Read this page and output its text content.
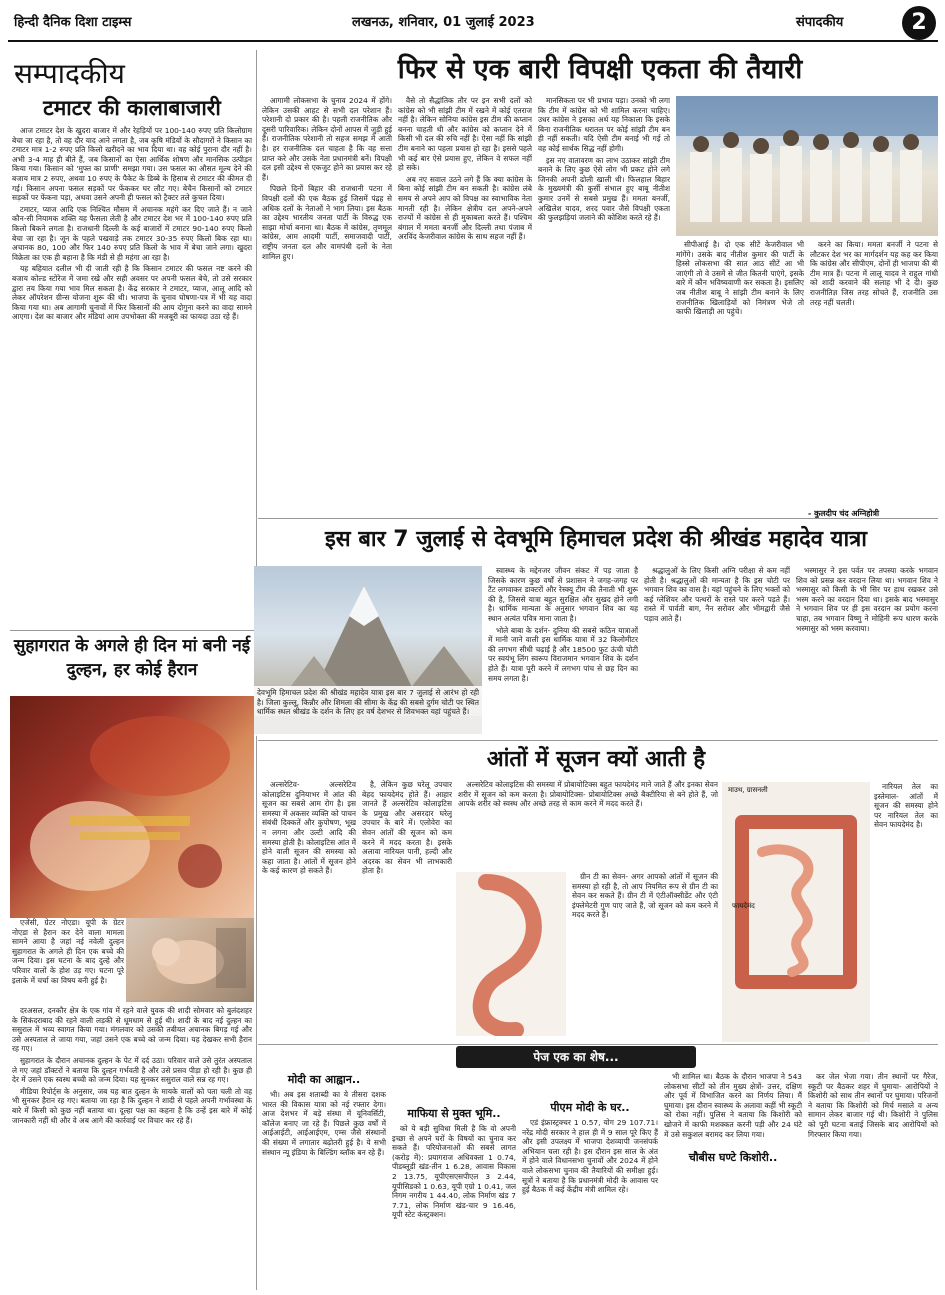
हिन्दी दैनिक दिशा टाइम्स	लखनऊ, शनिवार, 01 जुलाई 2023	संपादकीय	2
सम्पादकीय
टमाटर की कालाबाजारी

आज टमाटर देश के खुदरा बाजार में और रेहड़ियों पर 100-140 रुपए प्रति किलोग्राम बेचा जा रहा है, तो वह दौर याद आने लगता है, जब कृषि मंडियों के सौदागरों ने किसान का टमाटर मात्र 1-2 रुपए प्रति किलो खरीदने का भाव दिया था। वह कोई पुराना दौर नहीं है। अभी 3-4 माह ही बीते हैं, जब किसानों का ऐसा आर्थिक शोषण और मानसिक उत्पीड़न किया गया। किसान को 'मुफ्त का प्राणी' समझा गया। उस फसल का औसत मूल्य देने की बजाय मात्र 2 रुपए, अथवा 10 रुपए के पैकेट के डिब्बे के हिसाब से टमाटर की कीमत दी गई। किसान अपना फसल सड़कों पर फेंककर घर लौट गए। बेचैन किसानों को टमाटर सड़कों पर फेंकना पड़ा, अथवा उसने अपनी ही फसल को ट्रैक्टर तले कुचल दिया।

टमाटर, प्याज आदि एक निश्चित मौसम में अचानक महंगे कर दिए जाते हैं। न जाने कौन-सी नियामक शक्ति यह फैसला लेती है और टमाटर देश भर में 100-140 रुपए प्रति किलो बिकने लगता है। राजधानी दिल्ली के कई बाजारों में टमाटर 90-140 रुपए किलो बेचा जा रहा है। जून के पहले पखवाड़े तक टमाटर 30-35 रुपए किलो बिक रहा था। अचानक 80, 100 और फिर 140 रुपए प्रति किलो के भाव में बेचा जाने लगा। खुदरा विक्रेता का एक ही बहाना है कि मंडी से ही महंगा आ रहा है।

यह बहियात दलील भी दी जाती रही है कि किसान टमाटर की फसल नष्ट करने की बजाय कोल्ड स्टोरेज में जमा रखे और सही अवसर पर अपनी फसल बेचे, तो उसे सरकार द्वारा तय किया गया भाव मिल सकता है। केंद्र सरकार ने टमाटर, प्याज, आलू आदि को लेकर ऑपरेशन ग्रीन्स योजना शुरू की थी। भाजपा के चुनाव घोषणा-पत्र में भी यह वादा किया गया था। अब आगामी चुनावों में फिर किसानों की आय दोगुना करने का वादा सामने आएगा। देश का बाजार और मंडियां आम उपभोक्ता की मजबूरी का फायदा उठा रहे हैं।

सुहागरात के अगले ही दिन मां बनी नई दुल्हन, हर कोई हैरान

एजेंसी, ग्रेटर नोएडा। यूपी के ग्रेटर नोएडा से हैरान कर देने वाला मामला सामने आया है जहां नई नवेली दुल्हन सुहागरात के अगले ही दिन एक बच्चे की जन्म दिया। इस घटना के बाद दुल्हे और परिवार वालों के होश उड़ गए। घटना पूरे इलाके में चर्चा का विषय बनी हुई है।

दरअसल, दनकौर क्षेत्र के एक गांव में रहने वाले युवक की शादी सोमवार को बुलंदशहर के सिकंदराबाद की रहने वाली लड़की से धूमधाम से हुई थी। शादी के बाद नई दुल्हन का ससुराल में भव्य स्वागत किया गया। मंगलवार को उसकी तबीयत अचानक बिगड़ गई और उसे अस्पताल ले जाया गया, जहां उसने एक बच्चे को जन्म दिया। यह देखकर सभी हैरान रह गए।

सुहागरात के दौरान अचानक दुल्हन के पेट में दर्द उठा। परिवार वाले उसे तुरंत अस्पताल ले गए जहां डॉक्टरों ने बताया कि दुल्हन गर्भवती है और उसे प्रसव पीड़ा हो रही है। कुछ ही देर में उसने एक स्वस्थ बच्ची को जन्म दिया। यह सुनकर ससुराल वाले सन्न रह गए।

मीडिया रिपोर्ट्स के अनुसार, जब यह बात दुल्हन के मायके वालों को पता चली तो वह भी सुनकर हैरान रह गए। बताया जा रहा है कि दुल्हन ने शादी से पहले अपनी गर्भावस्था के बारे में किसी को कुछ नहीं बताया था। दूल्हा पक्ष का कहना है कि उन्हें इस बारे में कोई जानकारी नहीं थी और वे अब आगे की कार्रवाई पर विचार कर रहे हैं।

फिर से एक बारी विपक्षी एकता की तैयारी

आगामी लोकसभा के चुनाव 2024 में होंगे। लेकिन उसकी आहट से सभी दल परेशान हैं। परेशानी दो प्रकार की है। पहली राजनीतिक और दूसरी पारिवारिक। लेकिन दोनों आपस में जुड़ी हुई हैं। राजनीतिक परेशानी तो सहज समझ में आती है। हर राजनीतिक दल चाहता है कि वह सत्ता प्राप्त करे और उसके नेता प्रधानमंत्री बनें। विपक्षी दल इसी उद्देश्य से एकजुट होने का प्रयास कर रहे हैं।

पिछले दिनों बिहार की राजधानी पटना में विपक्षी दलों की एक बैठक हुई जिसमें पंद्रह से अधिक दलों के नेताओं ने भाग लिया। इस बैठक का उद्देश्य भारतीय जनता पार्टी के विरुद्ध एक साझा मोर्चा बनाना था। बैठक में कांग्रेस, तृणमूल कांग्रेस, आम आदमी पार्टी, समाजवादी पार्टी, राष्ट्रीय जनता दल और वामपंथी दलों के नेता शामिल हुए।

वैसे तो सैद्धांतिक तौर पर इन सभी दलों को कांग्रेस को भी सांझी टीम में रखने में कोई एतराज नहीं है। लेकिन सोनिया कांग्रेस इस टीम की कप्तान बनना चाहती थी और कांग्रेस को कप्तान देने में किसी भी दल की रुचि नहीं है। ऐसा नहीं कि सांझी टीम बनाने का पहला प्रयास हो रहा है। इससे पहले भी कई बार ऐसे प्रयास हुए, लेकिन वे सफल नहीं हो सके।

अब नए सवाल उठने लगे हैं कि क्या कांग्रेस के बिना कोई सांझी टीम बन सकती है। कांग्रेस लंबे समय से अपने आप को विपक्ष का स्वाभाविक नेता मानती रही है। लेकिन क्षेत्रीय दल अपने-अपने राज्यों में कांग्रेस से ही मुकाबला करते हैं। पश्चिम बंगाल में ममता बनर्जी और दिल्ली तथा पंजाब में अरविंद केजरीवाल कांग्रेस के साथ सहज नहीं हैं।

मानसिकता पर भी प्रभाव पड़ा। उनको भी लगा कि टीम में कांग्रेस को भी शामिल करना चाहिए। उधर कांग्रेस ने इसका अर्थ यह निकाला कि इसके बिना राजनीतिक धरातल पर कोई सांझी टीम बन ही नहीं सकती। यदि ऐसी टीम बनाई भी गई तो वह कोई सार्थक सिद्ध नहीं होगी।

इस नए वातावरण का लाभ उठाकर सांझी टीम बनाने के लिए कुछ ऐसे लोग भी प्रकट होने लगे जिनकी अपनी ढोली खाली थी। फिलहाल बिहार के मुख्यमंत्री की कुर्सी संभाल हुए बाबू नीतीश कुमार उनमें से सबसे प्रमुख हैं। ममता बनर्जी, अखिलेश यादव, शरद पवार जैसे विपक्षी एकता की फुलझड़ियां जलाने की कोशिश करते रहे हैं।

सीपीआई है। दो एक सीटें केजरीवाल भी मांगेंगे। उसके बाद नीतीश कुमार की पार्टी के हिस्से लोकसभा की सात आठ सीटें आ भी जाएंगी तो वे उसमें से जीत कितनी पाएंगे, इसके बारे में कौन भविष्यवाणी कर सकता है। इसलिए जब नीतीश बाबू ने सांझी टीम बनाने के लिए राजनीतिक खिलाड़ियों को निमंत्रण भेजे तो काफी खिलाड़ी आ पहुंचे।

करने का किया। ममता बनर्जी ने पटना से लौटकर देश भर का मार्गदर्शन यह कह कर किया कि कांग्रेस और सीपीएम, दोनों ही भाजपा की बी टीम मात्र हैं। पटना में लालू यादव ने राहुल गांधी को शादी करवाने की सलाह भी दे दी। कुछ राजनीतिज्ञ जिस तरह सोचते हैं, राजनीति उस तरह नहीं चलती।

- कुलदीप चंद अग्निहोत्री
इस बार 7 जुलाई से देवभूमि हिमाचल प्रदेश की श्रीखंड महादेव यात्रा

स्वास्थ्य के मद्देनजर जीवन संकट में पड़ जाता है जिसके कारण कुछ वर्षों से प्रशासन ने जगह-जगह पर टैंट लगवाकर डाक्टरों और रेस्क्यू टीम की तैनाती भी शुरू की है, जिससे यात्रा बहुत सुरक्षित और सुखद होने लगी है। धार्मिक मान्यता के अनुसार भगवान शिव का यह स्थान अत्यंत पवित्र माना जाता है।

भोले बाबा के दर्शन- दुनिया की सबसे कठिन यात्राओं में मानी जाने वाली इस धार्मिक यात्रा में 32 किलोमीटर की लगभग सीधी चढ़ाई है और 18500 फुट ऊंची चोटी पर स्वयंभू लिंग स्वरूप विराजमान भगवान शिव के दर्शन होते हैं। यात्रा पूरी करने में लगभग पांच से छह दिन का समय लगता है।

श्रद्धालुओं के लिए किसी अग्नि परीक्षा से कम नहीं होती है। श्रद्धालुओं की मान्यता है कि इस चोटी पर भगवान शिव का वास है। यहां पहुंचने के लिए भक्तों को कई ग्लेशियर और पत्थरों के रास्ते पार करने पड़ते हैं। रास्ते में पार्वती बाग, नैन सरोवर और भीमद्वारी जैसे पड़ाव आते हैं।

भस्मासुर ने इस पर्वत पर तपस्या करके भगवान शिव को प्रसन्न कर वरदान लिया था। भगवान शिव ने भस्मासुर को किसी के भी सिर पर हाथ रखकर उसे भस्म करने का वरदान दिया था। इसके बाद भस्मासुर ने भगवान शिव पर ही इस वरदान का प्रयोग करना चाहा, तब भगवान विष्णु ने मोहिनी रूप धारण करके भस्मासुर को भस्म करवाया।

आंतों में सूजन क्यों आती है

अल्सरेटिव- अल्सरेटिव कोलाइटिस दुनियाभर में आंत की सूजन का सबसे आम रोग है। इस समस्या में अकसर व्यक्ति को पाचन संबंधी दिक्कतें और कुपोषण, भूख न लगना और उल्टी आदि की समस्या होती है। कोलाइटिस आंत में होने वाली सूजन की समस्या को कहा जाता है। आंतों में सूजन होने के कई कारण हो सकते हैं।

है, लेकिन कुछ घरेलू उपचार बेहद फायदेमंद होते हैं। आहार जानते हैं अल्सरेटिव कोलाइटिस के प्रमुख और असरदार घरेलू उपचार के बारे में। एलोवेरा का सेवन आंतों की सूजन को कम करने में मदद करता है। इसके अलावा नारियल पानी, हल्दी और अदरक का सेवन भी लाभकारी होता है।

अल्सरेटिव कोलाइटिस की समस्या में प्रोबायोटिक्स बहुत फायदेमंद माने जाते हैं और इनका सेवन शरीर में सूजन को कम करता है। प्रोबायोटिक्स- प्रोबायोटिक्स अच्छे बैक्टीरिया से बने होते हैं, जो आपके शरीर को स्वस्थ और अच्छे तरह से काम करने में मदद करते हैं।

ग्रीन टी का सेवन- अगर आपको आंतों में सूजन की समस्या हो रही है, तो आप नियमित रूप से ग्रीन टी का सेवन कर सकते हैं। ग्रीन टी में एंटीऑक्सीडेंट और एंटी इंफ्लेमेटरी गुण पाए जाते हैं, जो सूजन को कम करने में मदद करते हैं।

माउथ, ग्रासनली
फायदेमंद

नारियल तेल का इस्तेमाल- आंतों में सूजन की समस्या होने पर नारियल तेल का सेवन फायदेमंद है।

पेज एक का शेष...
मोदी का आह्वान..

भी। अब इस शताब्दी का ये तीसरा दशक भारत की विकास यात्रा को नई रफ्तार देगा। आज देशभर में बड़े संस्था में यूनिवर्सिटी, कॉलेज बनाए जा रहे हैं। पिछले कुछ वर्षों में आईआईटी, आईआईएम, एम्स जैसे संस्थानों की संख्या में लगातार बढ़ोतरी हुई है। ये सभी संस्थान न्यू इंडिया के बिल्डिंग ब्लॉक बन रहे हैं।

माफिया से मुक्त भूमि..

को ये बड़ी सुविधा मिली है कि वो अपनी इच्छा से अपने घरों के विषयों का चुनाव कर सकते हैं। परियोजनाओं की सबसे लागत (करोड़ में): प्रयागराज अधिवक्ता 1 0.74, पीडब्लूडी खंड-तीन 1 6.28, आवास विकास 2 13.75, यूपीएसएसपीएल 3 2.44, यूपीसिडको 1 0.63, यूपी एग्रो 1 0.41, जल निगम नगरीय 1 44.40, लोक निर्माण खंड 7 7.71, लोक निर्माण खंड-चार 9 16.46, यूपी स्टेट कंस्ट्रक्शन।

पीएम मोदी के घर..

एडं इंफ्रास्ट्रक्चर 1 0.57, योग 29 107.71। नरेंद्र मोदी सरकार ने हाल ही में 9 साल पूरे किए हैं और इसी उपलक्ष्य में भाजपा देशव्यापी जनसंपर्क अभियान चला रही है। इस दौरान इस साल के अंत में होने वाले विधानसभा चुनावों और 2024 में होने वाले लोकसभा चुनाव की तैयारियों की समीक्षा हुई। सूत्रों ने बताया है कि प्रधानमंत्री मोदी के आवास पर हुई बैठक में कई केंद्रीय मंत्री शामिल रहे।

चौबीस घण्टे किशोरी..

भी शामिल था। बैठक के दौरान भाजपा ने 543 लोकसभा सीटों को तीन मुख्य क्षेत्रों- उत्तर, दक्षिण और पूर्व में विभाजित करने का निर्णय लिया। मैं घुमाया। इस दौरान स्वास्थ्य के अलावा कहीं भी स्कूटी को रोका नहीं। पुलिस ने बताया कि किशोरी को खोजने में काफी मशक्कत करनी पड़ी और 24 घंटे में उसे सकुशल बरामद कर लिया गया।

कर जेल भेजा गया। तीन स्थानों पर गैरेज, स्कूटी पर बैठकर शहर में घुमाया- आरोपियों ने किशोरी को साथ तीन स्थानों पर घुमाया। परिजनों ने बताया कि किशोरी को मिर्च मसाले व अन्य सामान लेकर बाजार गई थी। किशोरी ने पुलिस को पूरी घटना बताई जिसके बाद आरोपियों को गिरफ्तार किया गया।

देवभूमि हिमाचल प्रदेश की श्रीखंड महादेव यात्रा इस बार 7 जुलाई से आरंभ हो रही है। जिला कुल्लू, किन्नौर और शिमला की सीमा के केंद्र की सबसे दुर्गम चोटी पर स्थित धार्मिक स्थल श्रीखंड के दर्शन के लिए हर वर्ष देशभर से शिवभक्त यहां पहुंचते हैं।
